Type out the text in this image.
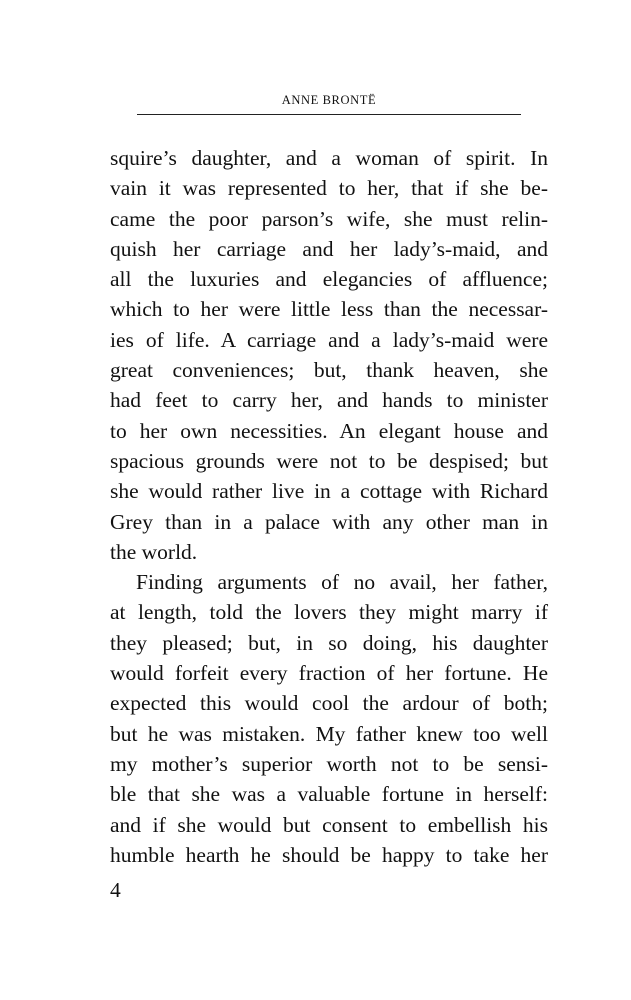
ANNE BRONTË
squire’s daughter, and a woman of spirit. In
vain it was represented to her, that if she be-
came the poor parson’s wife, she must relin-
quish her carriage and her lady’s-maid, and
all the luxuries and elegancies of affluence;
which to her were little less than the necessar-
ies of life. A carriage and a lady’s-maid were
great conveniences; but, thank heaven, she
had feet to carry her, and hands to minister
to her own necessities. An elegant house and
spacious grounds were not to be despised; but
she would rather live in a cottage with Richard
Grey than in a palace with any other man in
the world.
Finding arguments of no avail, her father,
at length, told the lovers they might marry if
they pleased; but, in so doing, his daughter
would forfeit every fraction of her fortune. He
expected this would cool the ardour of both;
but he was mistaken. My father knew too well
my mother’s superior worth not to be sensi-
ble that she was a valuable fortune in herself:
and if she would but consent to embellish his
humble hearth he should be happy to take her
4
